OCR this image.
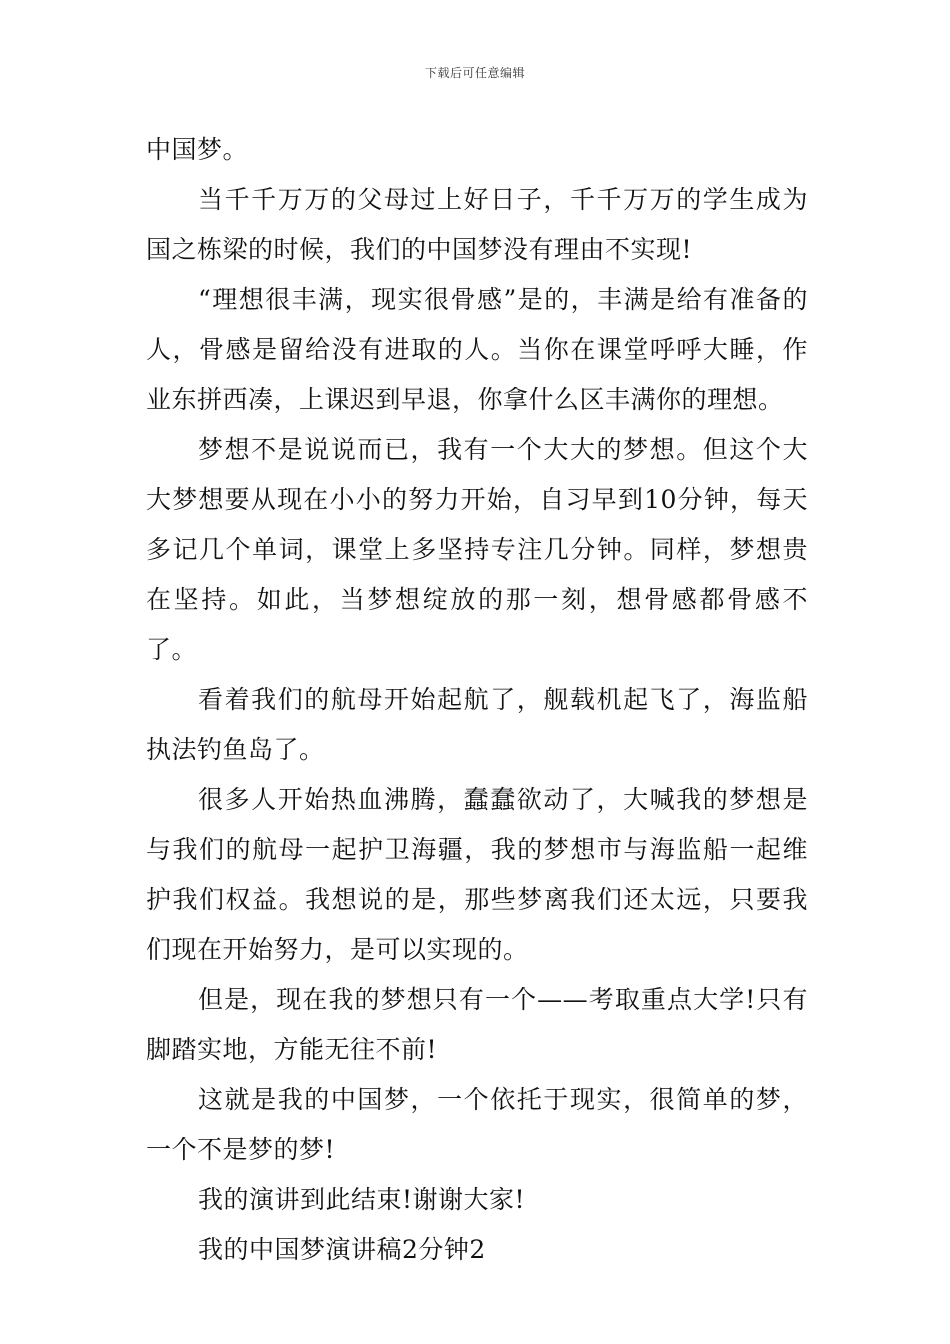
下载后可任意编辑

中国梦。

当千千万万的父母过上好日子，千千万万的学生成为国之栋梁的时候，我们的中国梦没有理由不实现!

“理想很丰满，现实很骨感”是的，丰满是给有准备的人，骨感是留给没有进取的人。当你在课堂呼呼大睡，作业东拼西凑，上课迟到早退，你拿什么区丰满你的理想。

梦想不是说说而已，我有一个大大的梦想。但这个大大梦想要从现在小小的努力开始，自习早到10分钟，每天多记几个单词，课堂上多坚持专注几分钟。同样，梦想贵在坚持。如此，当梦想绽放的那一刻，想骨感都骨感不了。

看着我们的航母开始起航了，舰载机起飞了，海监船执法钓鱼岛了。

很多人开始热血沸腾，蠢蠢欲动了，大喊我的梦想是与我们的航母一起护卫海疆，我的梦想市与海监船一起维护我们权益。我想说的是，那些梦离我们还太远，只要我们现在开始努力，是可以实现的。

但是，现在我的梦想只有一个——考取重点大学!只有脚踏实地，方能无往不前!

这就是我的中国梦，一个依托于现实，很简单的梦，一个不是梦的梦!

我的演讲到此结束!谢谢大家!

我的中国梦演讲稿2分钟2
